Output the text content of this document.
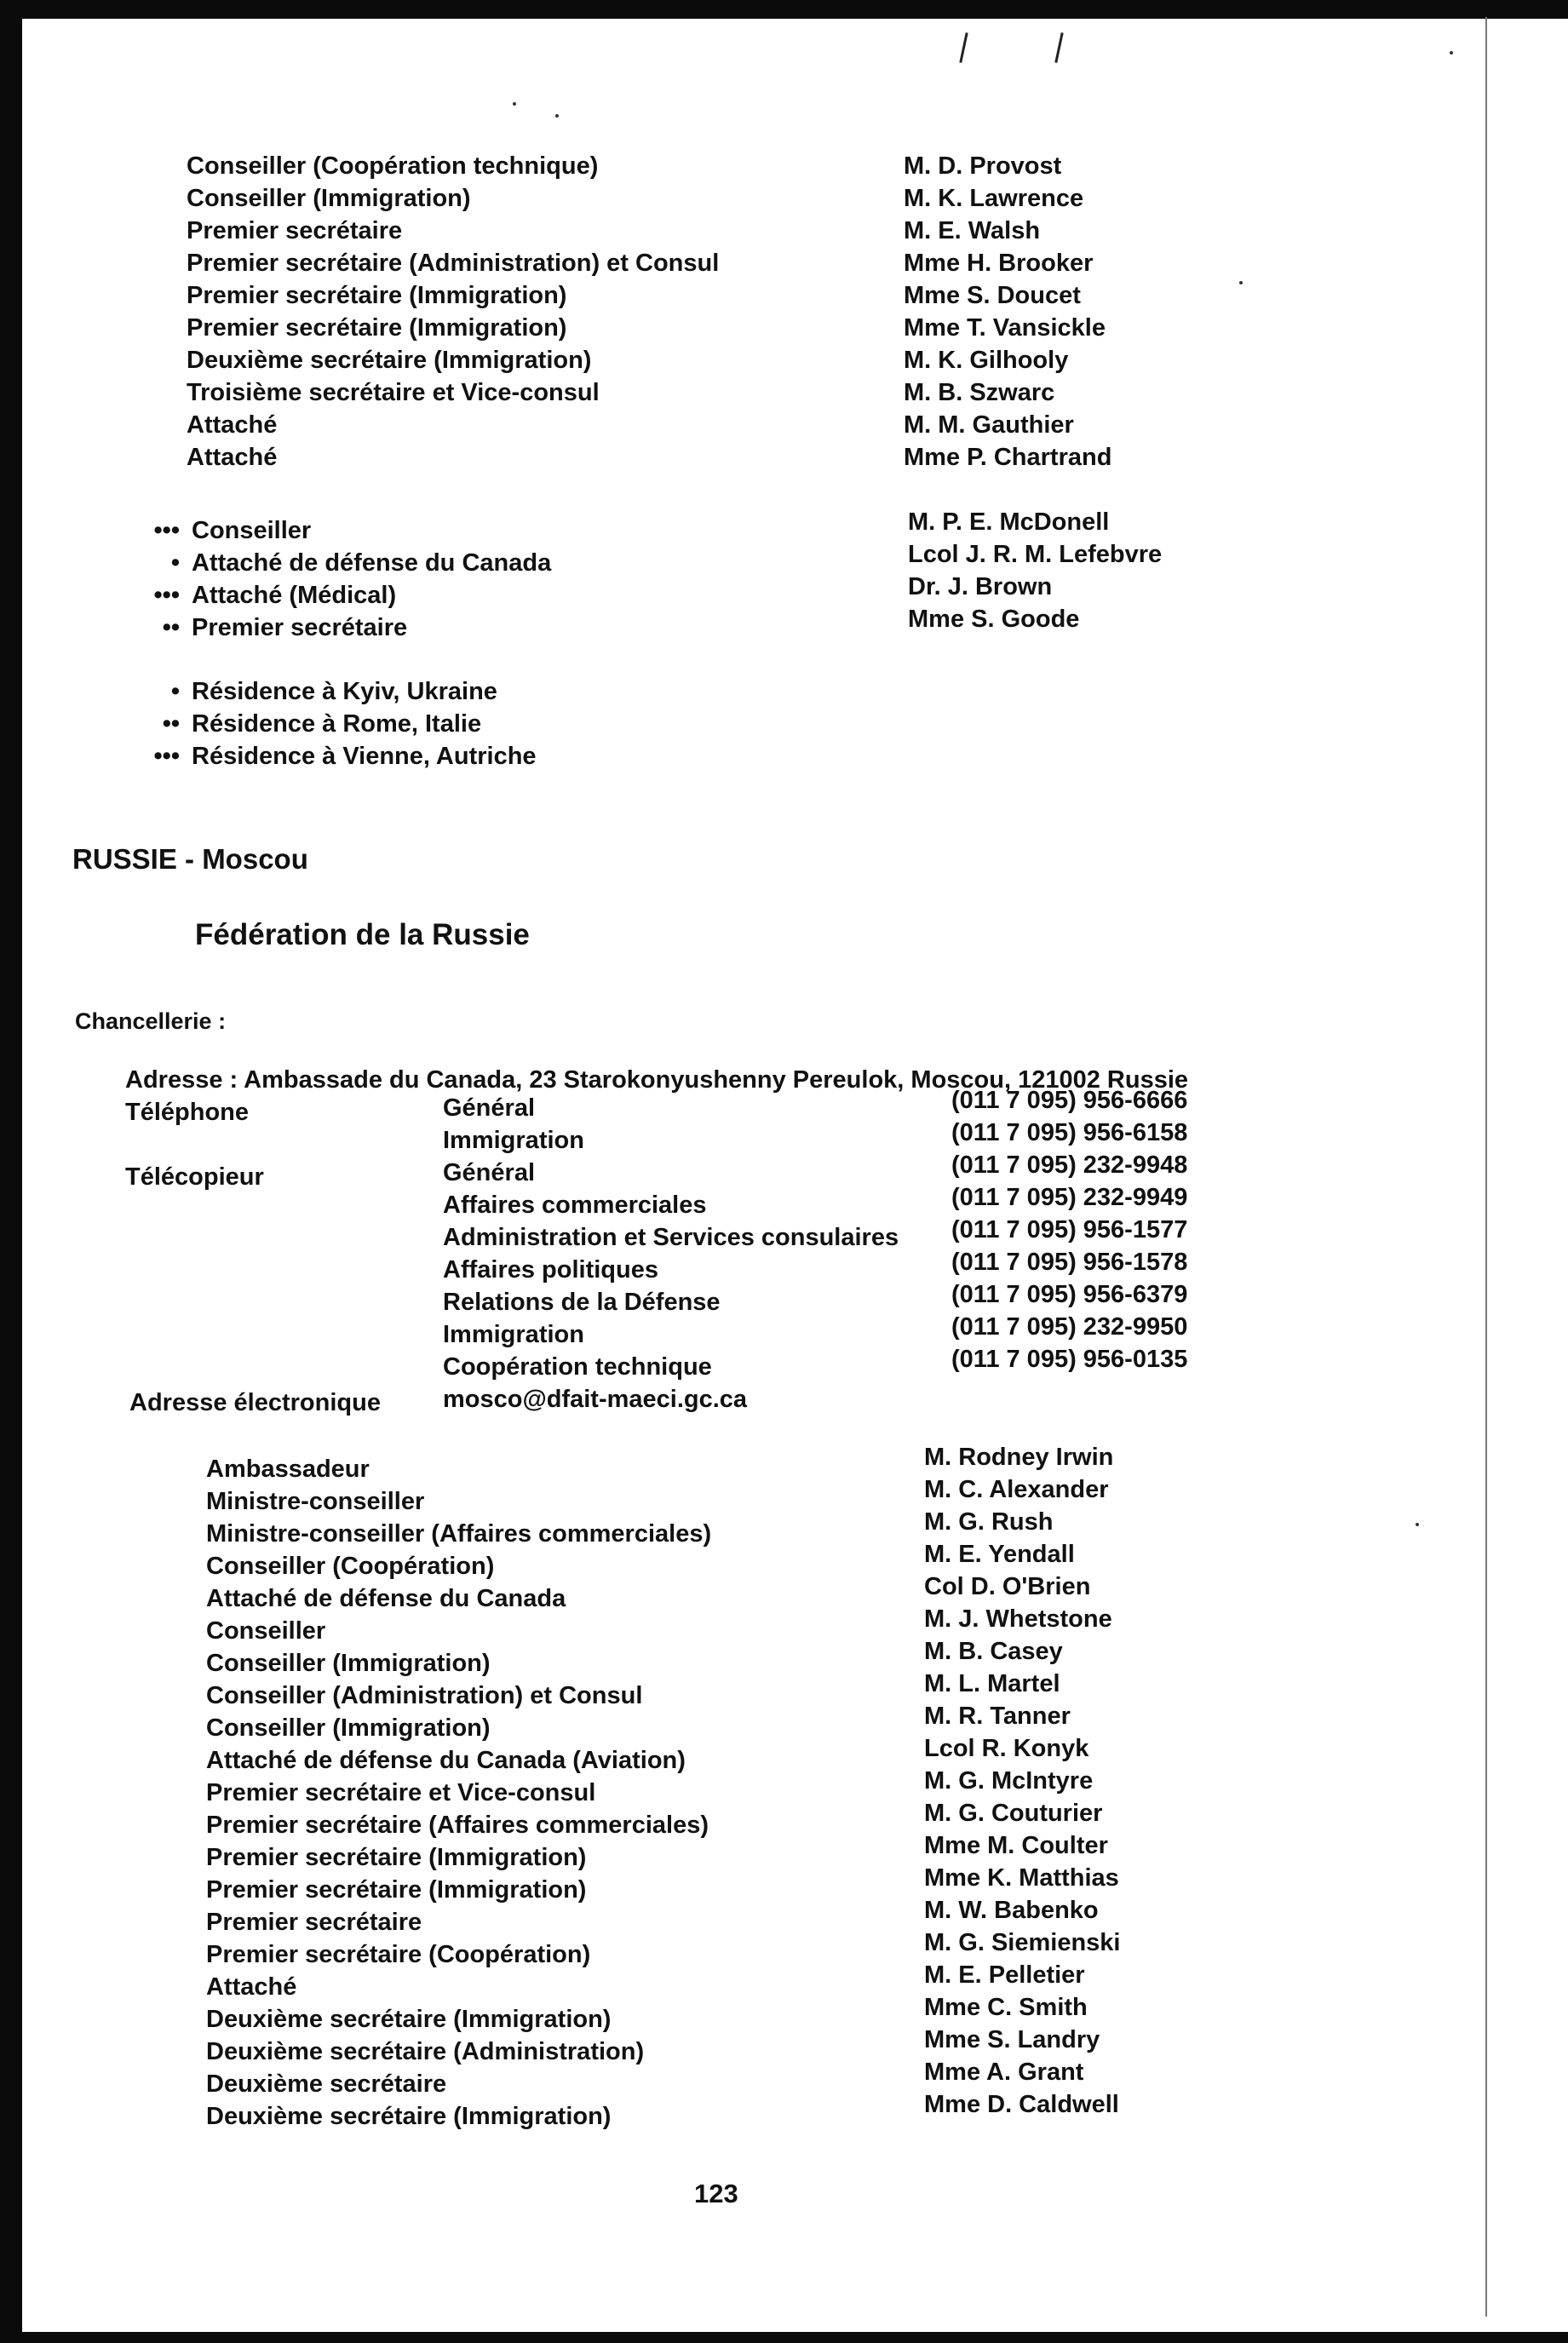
Conseiller (Coopération technique)
Conseiller (Immigration)
Premier secrétaire
Premier secrétaire (Administration) et Consul
Premier secrétaire (Immigration)
Premier secrétaire (Immigration)
Deuxième secrétaire (Immigration)
Troisième secrétaire et Vice-consul
Attaché
Attaché
M. D. Provost
M. K. Lawrence
M. E. Walsh
Mme H. Brooker
Mme S. Doucet
Mme T. Vansickle
M. K. Gilhooly
M. B. Szwarc
M. M. Gauthier
Mme P. Chartrand
••• Conseiller
• Attaché de défense du Canada
••• Attaché (Médical)
•• Premier secrétaire
M. P. E. McDonell
Lcol J. R. M. Lefebvre
Dr. J. Brown
Mme S. Goode
• Résidence à Kyiv, Ukraine
•• Résidence à Rome, Italie
••• Résidence à Vienne, Autriche
RUSSIE - Moscou
Fédération de la Russie
Chancellerie :
Adresse : Ambassade du Canada, 23 Starokonyushenny Pereulok, Moscou, 121002 Russie
Téléphone
Télécopieur
Adresse électronique
Général
Immigration
Général
Affaires commerciales
Administration et Services consulaires
Affaires politiques
Relations de la Défense
Immigration
Coopération technique
mosco@dfait-maeci.gc.ca
(011 7 095) 956-6666
(011 7 095) 956-6158
(011 7 095) 232-9948
(011 7 095) 232-9949
(011 7 095) 956-1577
(011 7 095) 956-1578
(011 7 095) 956-6379
(011 7 095) 232-9950
(011 7 095) 956-0135
Ambassadeur
Ministre-conseiller
Ministre-conseiller (Affaires commerciales)
Conseiller (Coopération)
Attaché de défense du Canada
Conseiller
Conseiller (Immigration)
Conseiller (Administration) et Consul
Conseiller (Immigration)
Attaché de défense du Canada (Aviation)
Premier secrétaire et Vice-consul
Premier secrétaire (Affaires commerciales)
Premier secrétaire (Immigration)
Premier secrétaire (Immigration)
Premier secrétaire
Premier secrétaire (Coopération)
Attaché
Deuxième secrétaire (Immigration)
Deuxième secrétaire (Administration)
Deuxième secrétaire
Deuxième secrétaire (Immigration)
M. Rodney Irwin
M. C. Alexander
M. G. Rush
M. E. Yendall
Col D. O'Brien
M. J. Whetstone
M. B. Casey
M. L. Martel
M. R. Tanner
Lcol R. Konyk
M. G. McIntyre
M. G. Couturier
Mme M. Coulter
Mme K. Matthias
M. W. Babenko
M. G. Siemienski
M. E. Pelletier
Mme C. Smith
Mme S. Landry
Mme A. Grant
Mme D. Caldwell
123
